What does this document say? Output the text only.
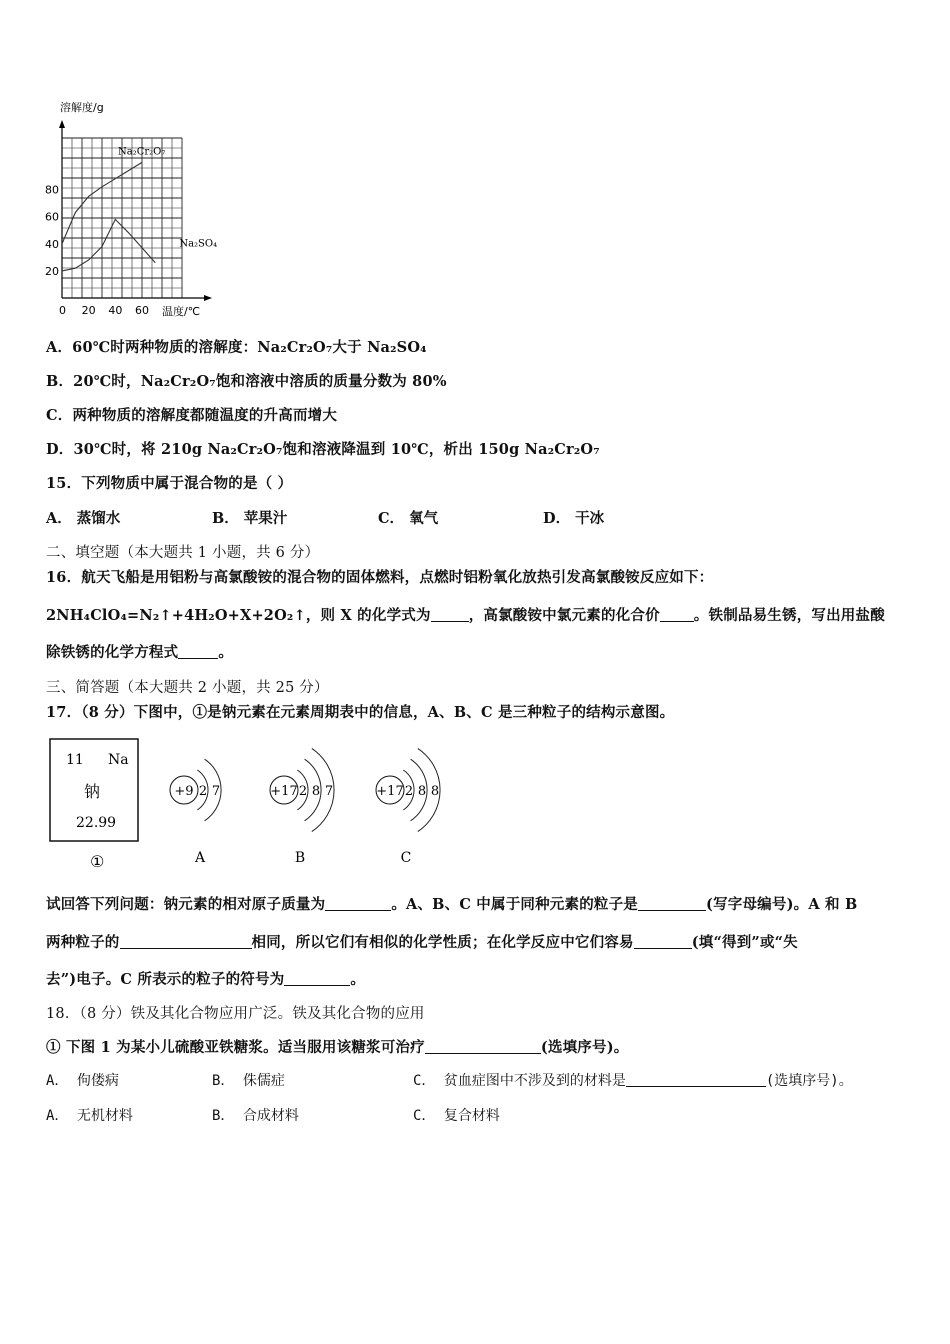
溶解度/g
温度/℃
0 20 40 60
20
40
60
80
Na₂Cr₂O₇
Na₂SO₄
A．60℃时两种物质的溶解度：Na₂Cr₂O₇大于 Na₂SO₄
B．20℃时，Na₂Cr₂O₇饱和溶液中溶质的质量分数为 80%
C．两种物质的溶解度都随温度的升高而增大
D．30℃时，将 210g Na₂Cr₂O₇饱和溶液降温到 10℃，析出 150g Na₂Cr₂O₇
15．下列物质中属于混合物的是（ ）
A． 蒸馏水	B． 苹果汁	C． 氧气	D． 干冰
二、填空题（本大题共 1 小题，共 6 分）
16．航天飞船是用铝粉与高氯酸铵的混合物的固体燃料，点燃时铝粉氧化放热引发高氯酸铵反应如下：
2NH₄ClO₄=N₂↑+4H₂O+X+2O₂↑，则 X 的化学式为	，高氯酸铵中氯元素的化合价 。铁制品易生锈，写出用盐酸
除铁锈的化学方程式	。
三、简答题（本大题共 2 小题，共 25 分）
17．（8 分）下图中，①是钠元素在元素周期表中的信息，A、B、C 是三种粒子的结构示意图。
11 Na
钠
22.99
①
+9 2 7
A
+17 2 8 7
B
+17 2 8 8
C
试回答下列问题：钠元素的相对原子质量为	。A、B、C 中属于同种元素的粒子是	(写字母编号)。A 和 B
两种粒子的	相同，所以它们有相似的化学性质；在化学反应中它们容易	(填“得到”或“失
去”)电子。C 所表示的粒子的符号为	。
18．（8 分）铁及其化合物应用广泛。铁及其化合物的应用
① 下图 1 为某小儿硫酸亚铁糖浆。适当服用该糖浆可治疗	(选填序号)。
A． 佝偻病	B． 侏儒症	C． 贫血症图中不涉及到的材料是	(选填序号)。
A． 无机材料	B． 合成材料	C． 复合材料
